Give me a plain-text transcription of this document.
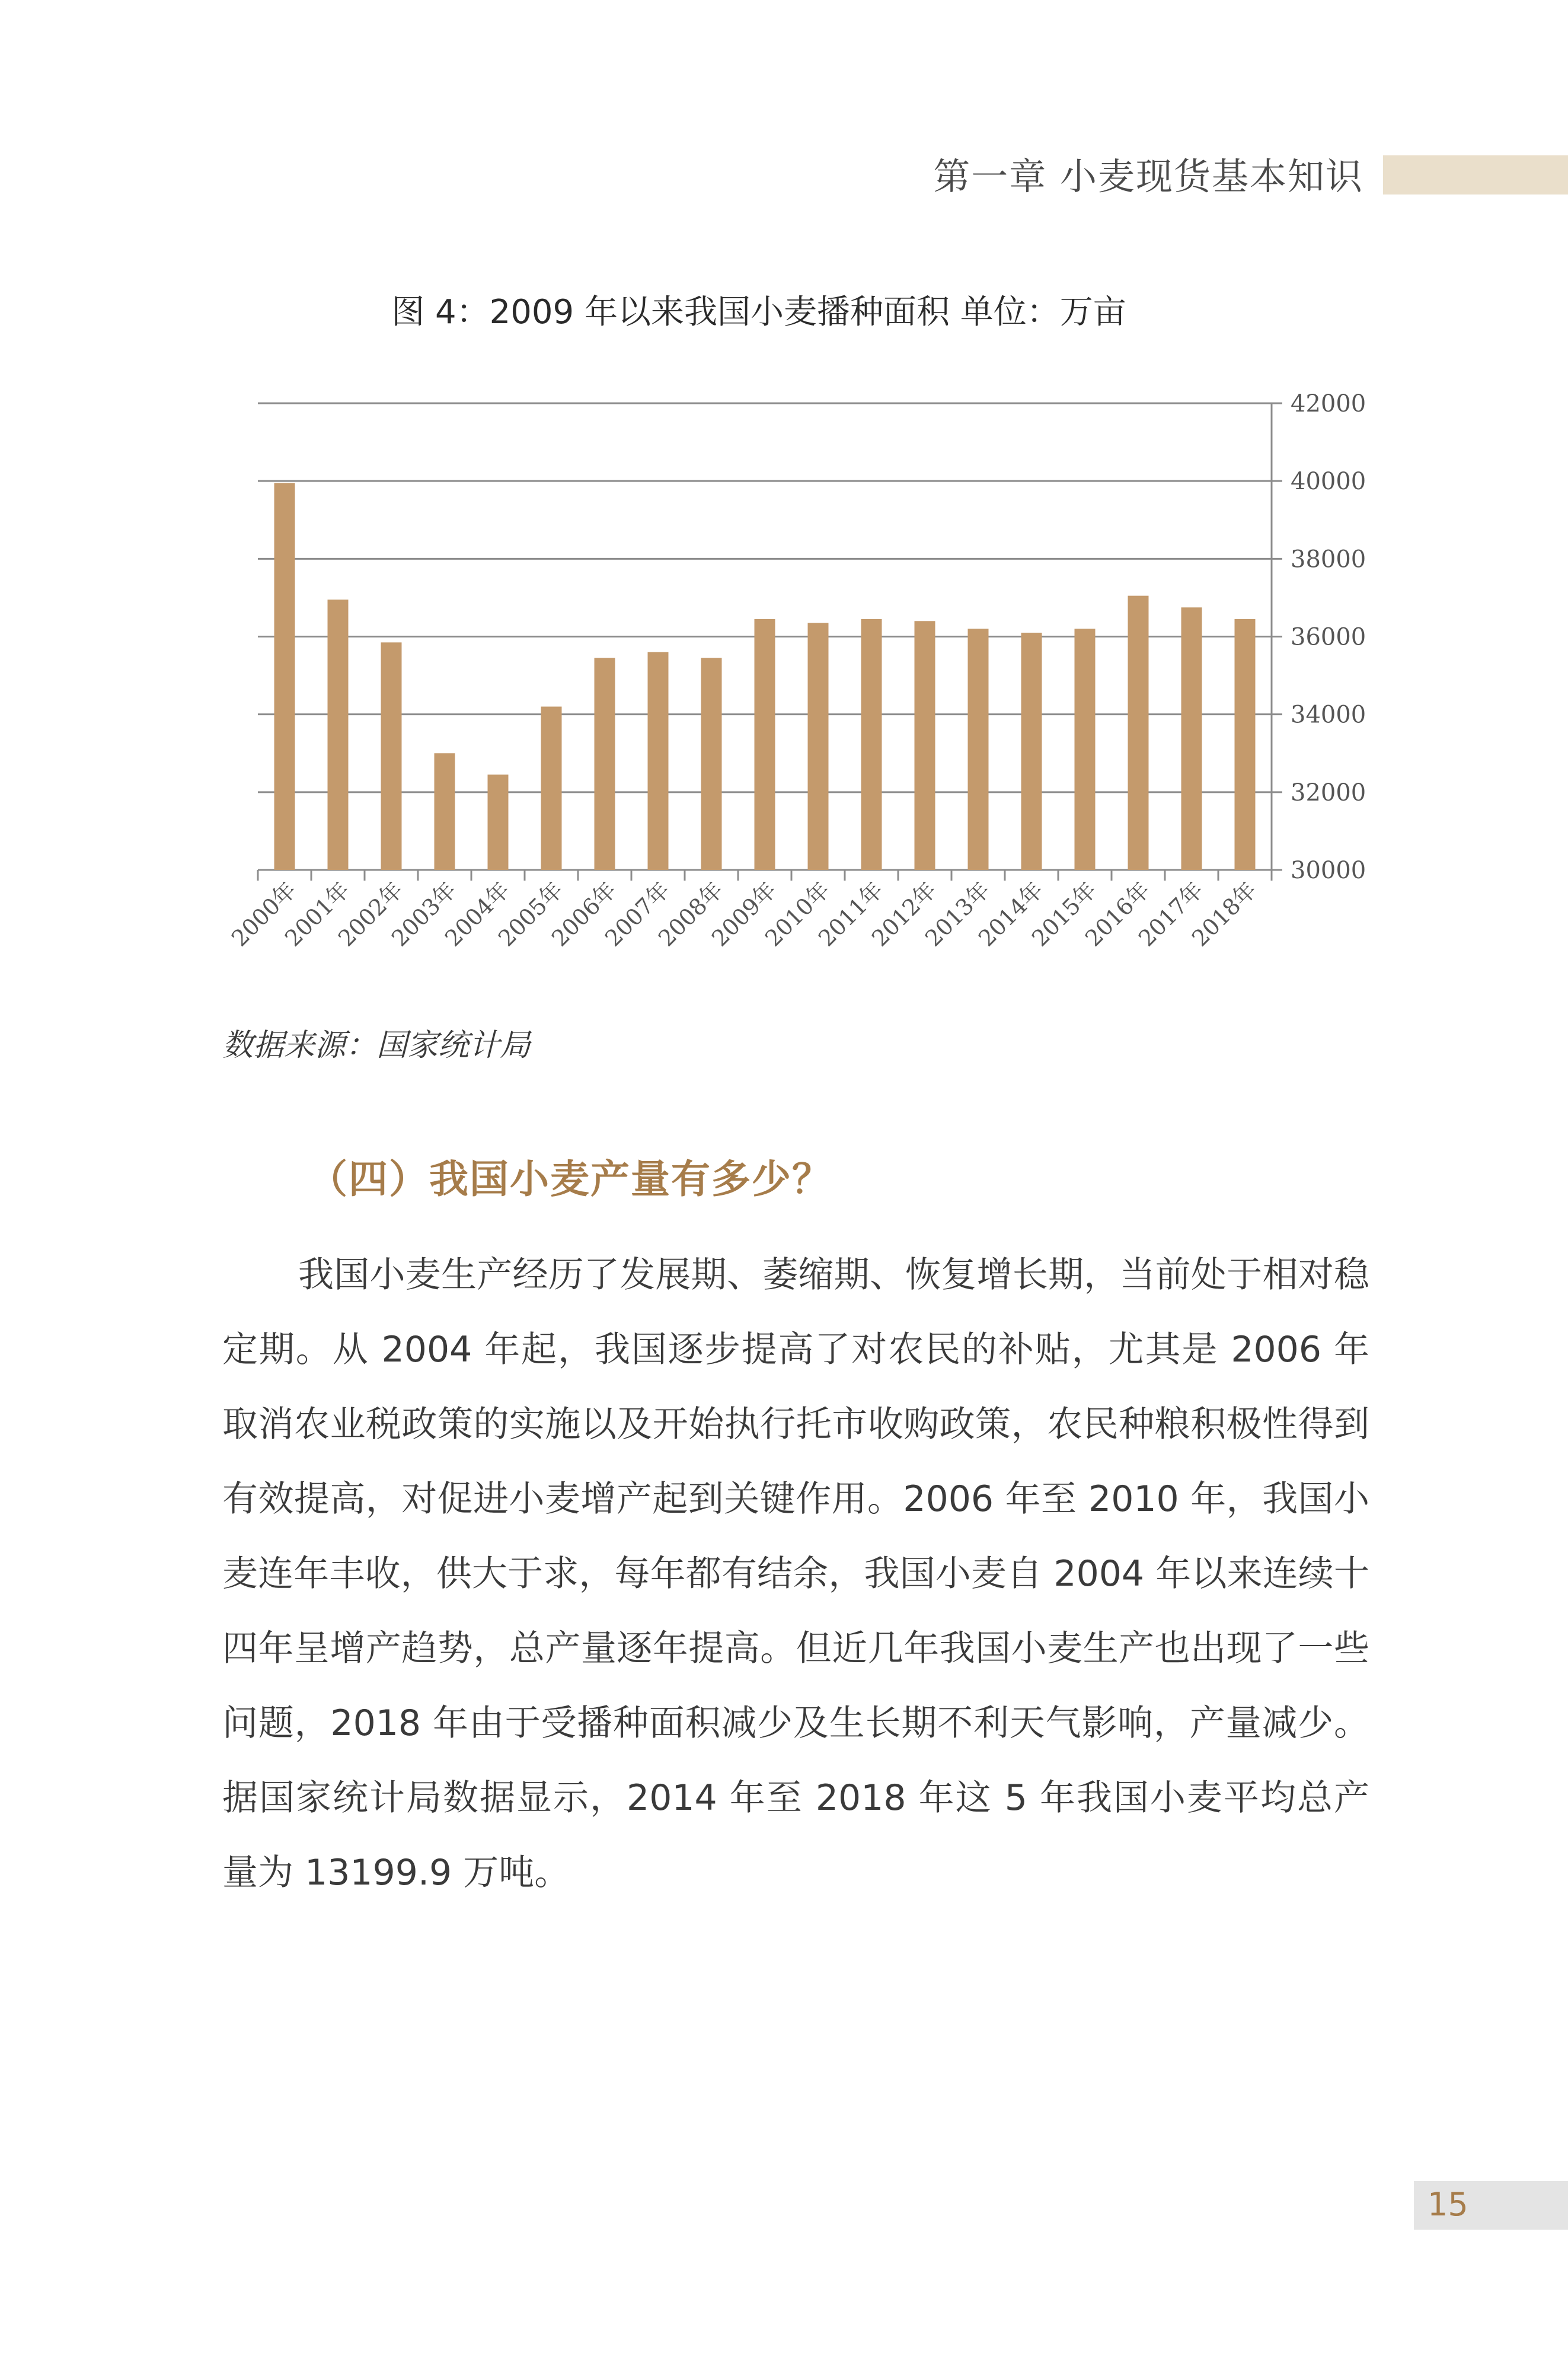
第一章 小麦现货基本知识
图 4：2009 年以来我国小麦播种面积 单位：万亩
30000
32000
34000
36000
38000
40000
42000
2000年
2001年
2002年
2003年
2004年
2005年
2006年
2007年
2008年
2009年
2010年
2011年
2012年
2013年
2014年
2015年
2016年
2017年
2018年
数据来源：国家统计局
（四）我国小麦产量有多少？
我国小麦生产经历了发展期、萎缩期、恢复增长期，当前处于相对稳定期。从 2004 年起，我国逐步提高了对农民的补贴，尤其是 2006 年取消农业税政策的实施以及开始执行托市收购政策，农民种粮积极性得到有效提高，对促进小麦增产起到关键作用。2006 年至 2010 年，我国小麦连年丰收，供大于求，每年都有结余，我国小麦自 2004 年以来连续十四年呈增产趋势，总产量逐年提高。但近几年我国小麦生产也出现了一些问题，2018 年由于受播种面积减少及生长期不利天气影响，产量减少。据国家统计局数据显示，2014 年至 2018 年这 5 年我国小麦平均总产量为 13199.9 万吨。
15
